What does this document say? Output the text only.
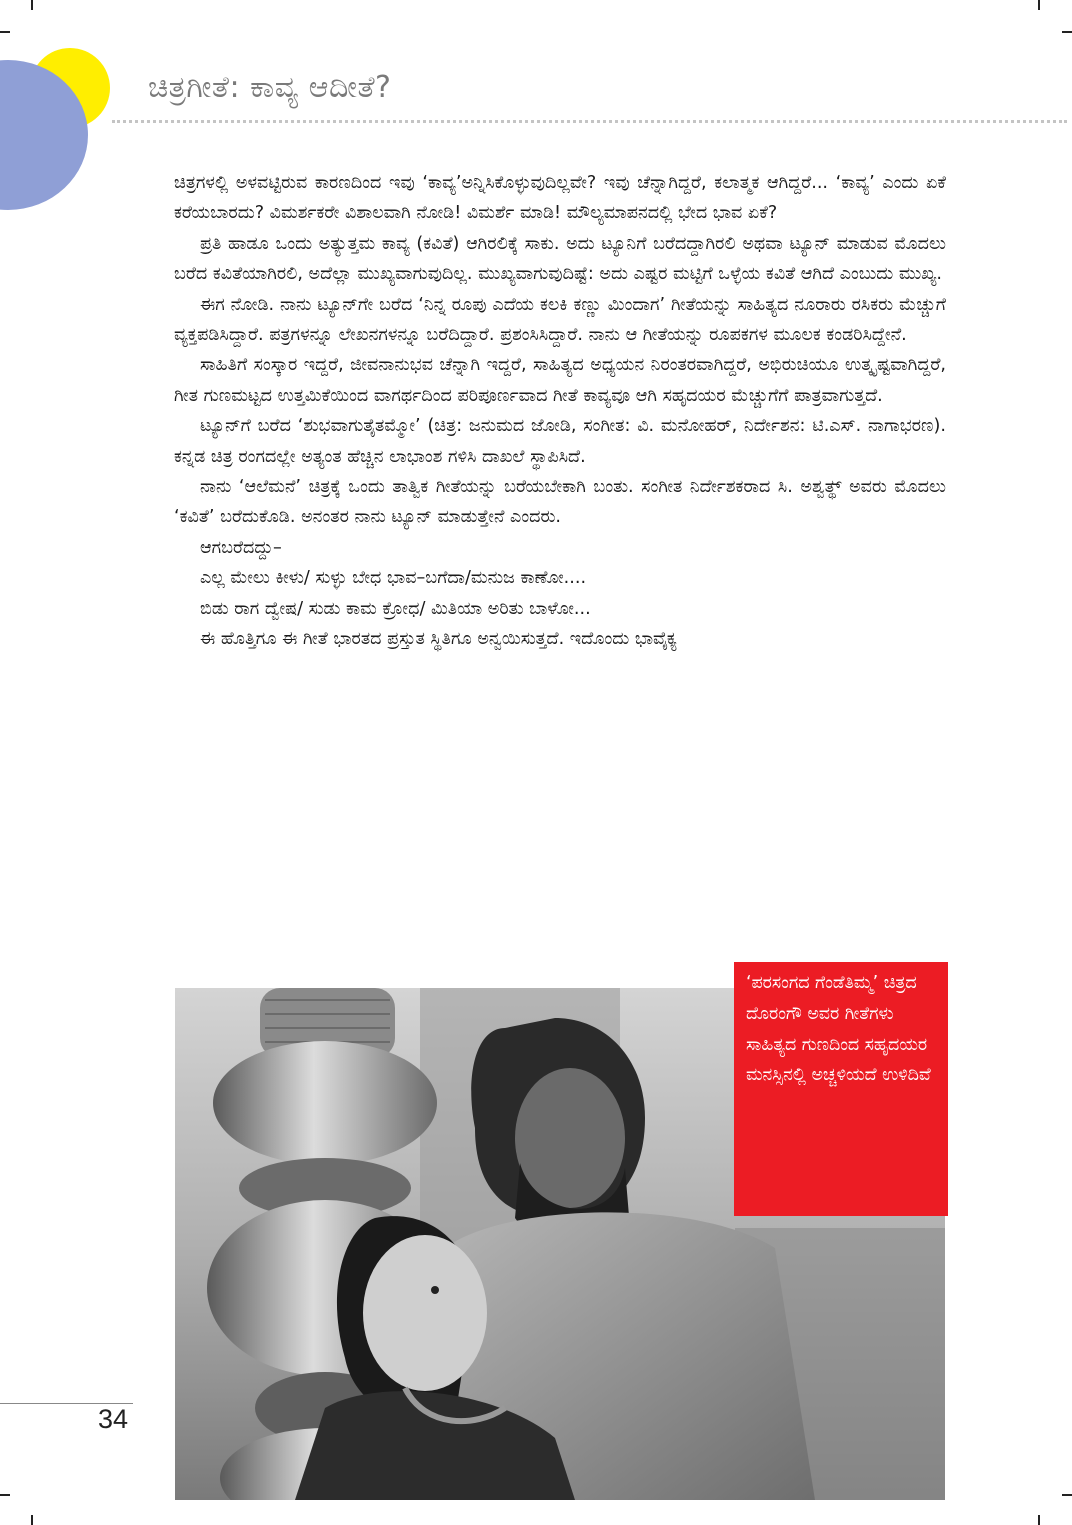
ಚಿತ್ರಗೀತೆ: ಕಾವ್ಯ ಆದೀತೆ?

ಚಿತ್ರಗಳಲ್ಲಿ ಅಳವಟ್ಟಿರುವ ಕಾರಣದಿಂದ ಇವು ‘ಕಾವ್ಯ’ಅನ್ನಿಸಿಕೊಳ್ಳುವುದಿಲ್ಲವೇ? ಇವು ಚೆನ್ನಾಗಿದ್ದರೆ, ಕಲಾತ್ಮಕ ಆಗಿದ್ದರೆ... ‘ಕಾವ್ಯ’ ಎಂದು ಏಕೆ ಕರೆಯಬಾರದು? ವಿಮರ್ಶಕರೇ ವಿಶಾಲವಾಗಿ ನೋಡಿ! ವಿಮರ್ಶೆ ಮಾಡಿ! ಮೌಲ್ಯಮಾಪನದಲ್ಲಿ ಭೇದ ಭಾವ ಏಕೆ?

ಪ್ರತಿ ಹಾಡೂ ಒಂದು ಅತ್ಯುತ್ತಮ ಕಾವ್ಯ (ಕವಿತೆ) ಆಗಿರಲಿಕ್ಕೆ ಸಾಕು. ಅದು ಟ್ಯೂನಿಗೆ ಬರೆದದ್ದಾಗಿರಲಿ ಅಥವಾ ಟ್ಯೂನ್ ಮಾಡುವ ಮೊದಲು ಬರೆದ ಕವಿತೆಯಾಗಿರಲಿ, ಅದೆಲ್ಲಾ ಮುಖ್ಯವಾಗುವುದಿಲ್ಲ. ಮುಖ್ಯವಾಗುವುದಿಷ್ಟೆ: ಅದು ಎಷ್ಟರ ಮಟ್ಟಿಗೆ ಒಳ್ಳೆಯ ಕವಿತೆ ಆಗಿದೆ ಎಂಬುದು ಮುಖ್ಯ.

ಈಗ ನೋಡಿ. ನಾನು ಟ್ಯೂನ್‌ಗೇ ಬರೆದ ‘ನಿನ್ನ ರೂಪು ಎದೆಯ ಕಲಕಿ ಕಣ್ಣು ಮಿಂದಾಗ’ ಗೀತೆಯನ್ನು ಸಾಹಿತ್ಯದ ನೂರಾರು ರಸಿಕರು ಮೆಚ್ಚುಗೆ ವ್ಯಕ್ತಪಡಿಸಿದ್ದಾರೆ. ಪತ್ರಗಳನ್ನೂ ಲೇಖನಗಳನ್ನೂ ಬರೆದಿದ್ದಾರೆ. ಪ್ರಶಂಸಿಸಿದ್ದಾರೆ. ನಾನು ಆ ಗೀತೆಯನ್ನು ರೂಪಕಗಳ ಮೂಲಕ ಕಂಡರಿಸಿದ್ದೇನೆ.

ಸಾಹಿತಿಗೆ ಸಂಸ್ಕಾರ ಇದ್ದರೆ, ಜೀವನಾನುಭವ ಚೆನ್ನಾಗಿ ಇದ್ದರೆ, ಸಾಹಿತ್ಯದ ಅಧ್ಯಯನ ನಿರಂತರವಾಗಿದ್ದರೆ, ಅಭಿರುಚಿಯೂ ಉತ್ಕೃಷ್ಟವಾಗಿದ್ದರೆ, ಗೀತ ಗುಣಮಟ್ಟದ ಉತ್ತಮಿಕೆಯಿಂದ ವಾಗರ್ಥದಿಂದ ಪರಿಪೂರ್ಣವಾದ ಗೀತೆ ಕಾವ್ಯವೂ ಆಗಿ ಸಹೃದಯರ ಮೆಚ್ಚುಗೆಗೆ ಪಾತ್ರವಾಗುತ್ತದೆ.

ಟ್ಯೂನ್‌ಗೆ ಬರೆದ ‘ಶುಭವಾಗುತೈತಮ್ಮೋ’ (ಚಿತ್ರ: ಜನುಮದ ಜೋಡಿ, ಸಂಗೀತ: ವಿ. ಮನೋಹರ್, ನಿರ್ದೇಶನ: ಟಿ.ಎಸ್. ನಾಗಾಭರಣ). ಕನ್ನಡ ಚಿತ್ರ ರಂಗದಲ್ಲೇ ಅತ್ಯಂತ ಹೆಚ್ಚಿನ ಲಾಭಾಂಶ ಗಳಿಸಿ ದಾಖಲೆ ಸ್ಥಾಪಿಸಿದೆ.

ನಾನು ‘ಆಲೆಮನೆ’ ಚಿತ್ರಕ್ಕೆ ಒಂದು ತಾತ್ವಿಕ ಗೀತೆಯನ್ನು ಬರೆಯಬೇಕಾಗಿ ಬಂತು. ಸಂಗೀತ ನಿರ್ದೇಶಕರಾದ ಸಿ. ಅಶ್ವತ್ಥ್ ಅವರು ಮೊದಲು ‘ಕವಿತೆ’ ಬರೆದುಕೊಡಿ. ಅನಂತರ ನಾನು ಟ್ಯೂನ್ ಮಾಡುತ್ತೇನೆ ಎಂದರು.

ಆಗಬರೆದದ್ದು–

ಎಲ್ಲ ಮೇಲು ಕೀಳು/ ಸುಳ್ಳು ಬೇಧ ಭಾವ–ಬಗೆದಾ/ಮನುಜ ಕಾಣೋ....

ಬಿಡು ರಾಗ ದ್ವೇಷ/ ಸುಡು ಕಾಮ ಕ್ರೋಧ/ ಮಿತಿಯಾ ಅರಿತು ಬಾಳೋ...

ಈ ಹೊತ್ತಿಗೂ ಈ ಗೀತೆ ಭಾರತದ ಪ್ರಸ್ತುತ ಸ್ಥಿತಿಗೂ ಅನ್ವಯಿಸುತ್ತದೆ. ಇದೊಂದು ಭಾವೈಕ್ಯ

‘ಪರಸಂಗದ ಗೆಂಡೆತಿಮ್ಮ’ ಚಿತ್ರದ ದೊರಂಗೌ ಅವರ ಗೀತೆಗಳು ಸಾಹಿತ್ಯದ ಗುಣದಿಂದ ಸಹೃದಯರ ಮನಸ್ಸಿನಲ್ಲಿ ಅಚ್ಚಳಿಯದೆ ಉಳಿದಿವೆ

34
